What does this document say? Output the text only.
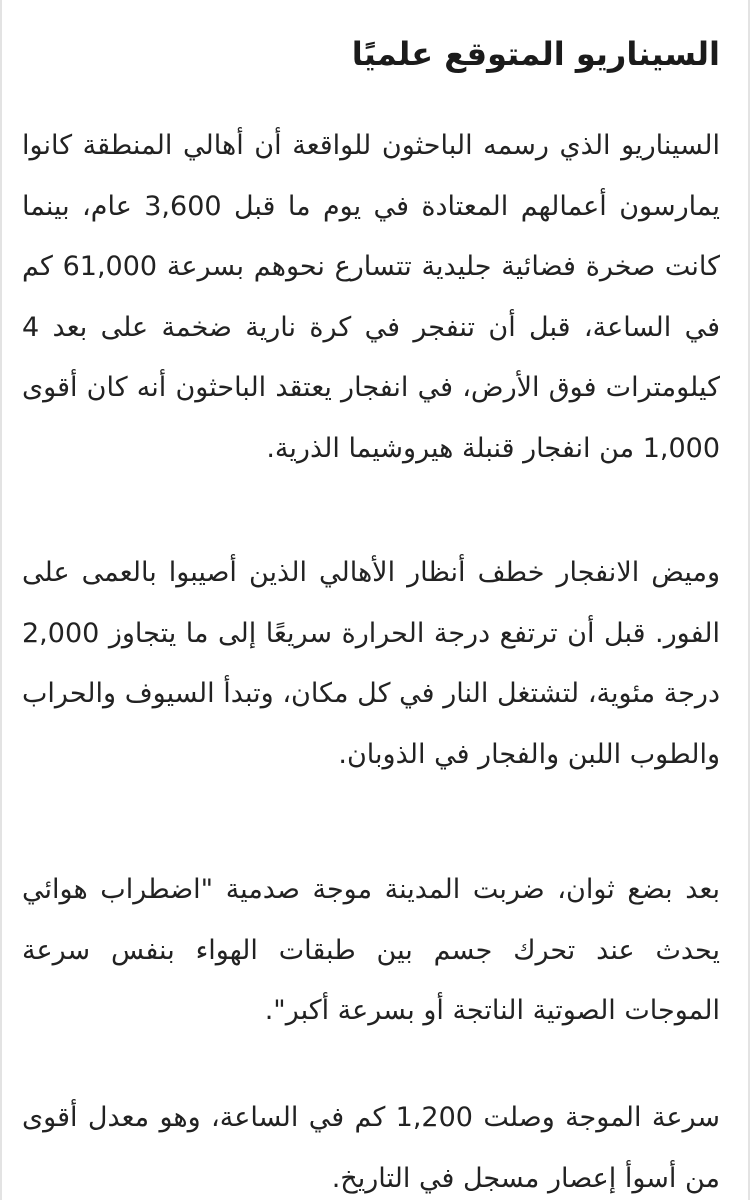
السيناريو المتوقع علميًا

السيناريو الذي رسمه الباحثون للواقعة أن أهالي المنطقة كانوا يمارسون أعمالهم المعتادة في يوم ما قبل 3,600 عام، بينما كانت صخرة فضائية جليدية تتسارع نحوهم بسرعة 61,000 كم في الساعة، قبل أن تنفجر في كرة نارية ضخمة على بعد 4 كيلومترات فوق الأرض، في انفجار يعتقد الباحثون أنه كان أقوى 1,000 من انفجار قنبلة هيروشيما الذرية.

وميض الانفجار خطف أنظار الأهالي الذين أصيبوا بالعمى على الفور. قبل أن ترتفع درجة الحرارة سريعًا إلى ما يتجاوز 2,000 درجة مئوية، لتشتغل النار في كل مكان، وتبدأ السيوف والحراب والطوب اللبن والفجار في الذوبان.

بعد بضع ثوان، ضربت المدينة موجة صدمية "اضطراب هوائي يحدث عند تحرك جسم بين طبقات الهواء بنفس سرعة الموجات الصوتية الناتجة أو بسرعة أكبر".

سرعة الموجة وصلت 1,200 كم في الساعة، وهو معدل أقوى من أسوأ إعصار مسجل في التاريخ.
